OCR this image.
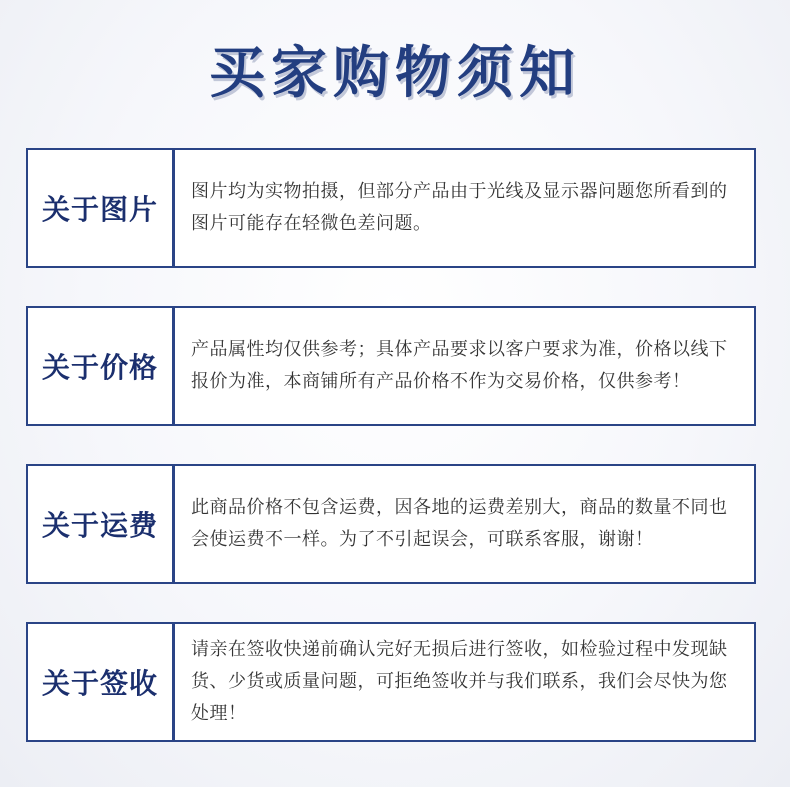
买家购物须知
关于图片
图片均为实物拍摄，但部分产品由于光线及显示器问题您所看到的图片可能存在轻微色差问题。
关于价格
产品属性均仅供参考；具体产品要求以客户要求为准，价格以线下报价为准，本商铺所有产品价格不作为交易价格，仅供参考！
关于运费
此商品价格不包含运费，因各地的运费差别大，商品的数量不同也会使运费不一样。为了不引起误会，可联系客服，谢谢！
关于签收
请亲在签收快递前确认完好无损后进行签收，如检验过程中发现缺货、少货或质量问题，可拒绝签收并与我们联系，我们会尽快为您处理！
